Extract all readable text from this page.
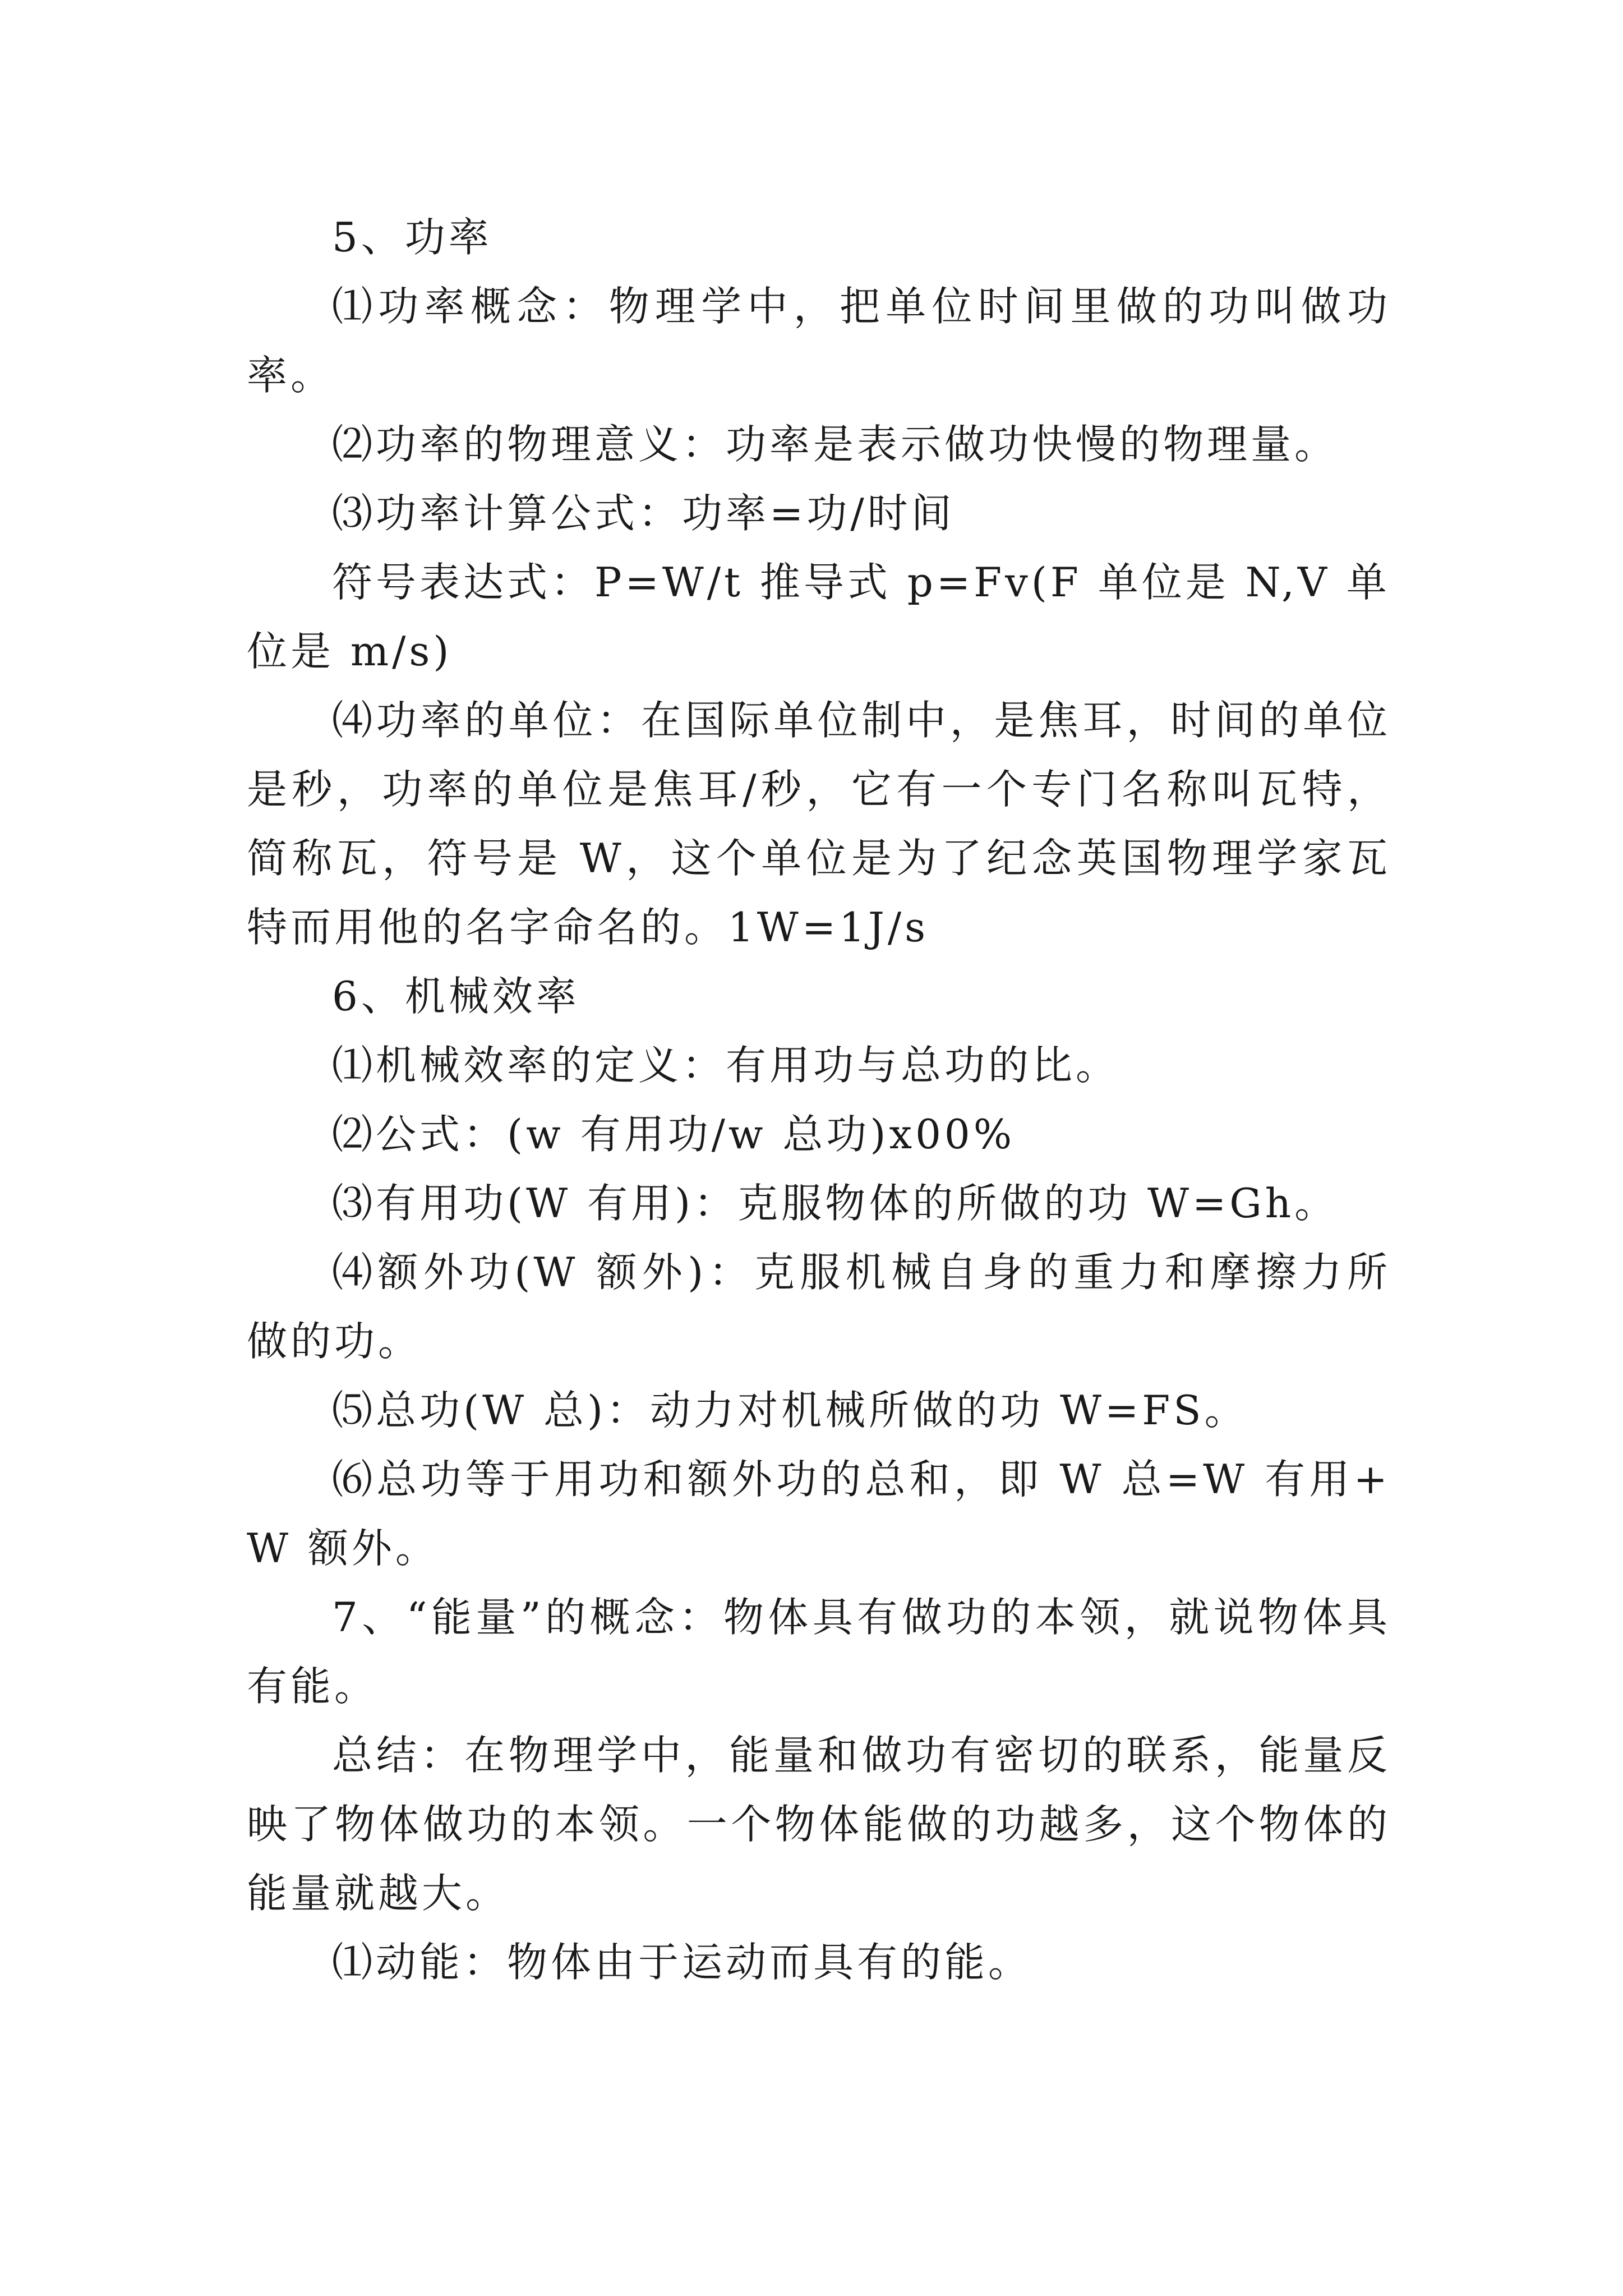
5、功率

⑴功率概念：物理学中，把单位时间里做的功叫做功率。

⑵功率的物理意义：功率是表示做功快慢的物理量。

⑶功率计算公式：功率=功/时间

符号表达式：P=W/t 推导式 p=Fv(F 单位是 N,V 单位是 m/s)

⑷功率的单位：在国际单位制中，是焦耳，时间的单位是秒，功率的单位是焦耳/秒，它有一个专门名称叫瓦特，简称瓦，符号是 W，这个单位是为了纪念英国物理学家瓦特而用他的名字命名的。1W=1J/s

6、机械效率

⑴机械效率的定义：有用功与总功的比。

⑵公式：(w 有用功/w 总功)x00%

⑶有用功(W 有用)：克服物体的所做的功 W=Gh。

⑷额外功(W 额外)：克服机械自身的重力和摩擦力所做的功。

⑸总功(W 总)：动力对机械所做的功 W=FS。

⑹总功等于用功和额外功的总和，即 W 总=W 有用+W 额外。

7、“能量”的概念：物体具有做功的本领，就说物体具有能。

总结：在物理学中，能量和做功有密切的联系，能量反映了物体做功的本领。一个物体能做的功越多，这个物体的能量就越大。

⑴动能：物体由于运动而具有的能。
